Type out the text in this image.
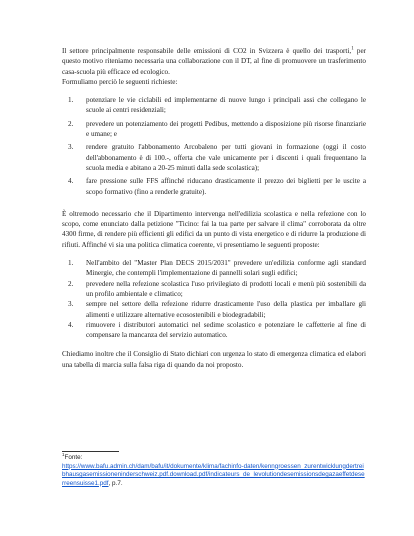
Il settore principalmente responsabile delle emissioni di CO2 in Svizzera è quello dei trasporti,$^1$ per questo motivo riteniamo necessaria una collaborazione con il DT, al fine di promuovere un trasferimento casa-scuola più efficace ed ecologico.

Formuliamo perciò le seguenti richieste:

1. potenziare le vie ciclabili ed implementarne di nuove lungo i principali assi che collegano le scuole ai centri residenziali;
2. prevedere un potenziamento dei progetti Pedibus, mettendo a disposizione più risorse finanziarie e umane; e
3. rendere gratuito l'abbonamento Arcobaleno per tutti giovani in formazione (oggi il costo dell'abbonamento è di 100.-, offerta che vale unicamente per i discenti i quali frequentano la scuola media e abitano a 20-25 minuti dalla sede scolastica);
4. fare pressione sulle FFS affinché riducano drasticamente il prezzo dei biglietti per le uscite a scopo formativo (fino a renderle gratuite).

È oltremodo necessario che il Dipartimento intervenga nell'edilizia scolastica e nella refezione con lo scopo, come enunciato dalla petizione "Ticino: fai la tua parte per salvare il clima" corroborata da oltre 4300 firme, di rendere più efficienti gli edifici da un punto di vista energetico e di ridurre la produzione di rifiuti. Affinché vi sia una politica climatica coerente, vi presentiamo le seguenti proposte:

1. Nell'ambito del "Master Plan DECS 2015/2031" prevedere un'edilizia conforme agli standard Minergie, che contempli l'implementazione di pannelli solari sugli edifici;
2. prevedere nella refezione scolastica l'uso privilegiato di prodotti locali e menù più sostenibili da un profilo ambientale e climatico;
3. sempre nel settore della refezione ridurre drasticamente l'uso della plastica per imballare gli alimenti e utilizzare alternative ecosostenibili e biodegradabili;
4. rimuovere i distributori automatici nel sedime scolastico e potenziare le caffetterie al fine di compensare la mancanza del servizio automatico.

Chiediamo inoltre che il Consiglio di Stato dichiari con urgenza lo stato di emergenza climatica ed elabori una tabella di marcia sulla falsa riga di quando da noi proposto.

$^1$Fonte:
https://www.bafu.admin.ch/dam/bafu/it/dokumente/klima/fachinfo-daten/kenngroessen_zurentwicklungdertreibhausgasemissioneninderschweiz.pdf.download.pdf/indicateurs_de_levolutiondesemissionsdegazaeffetdeserreensuisse1.pdf, p.7.
